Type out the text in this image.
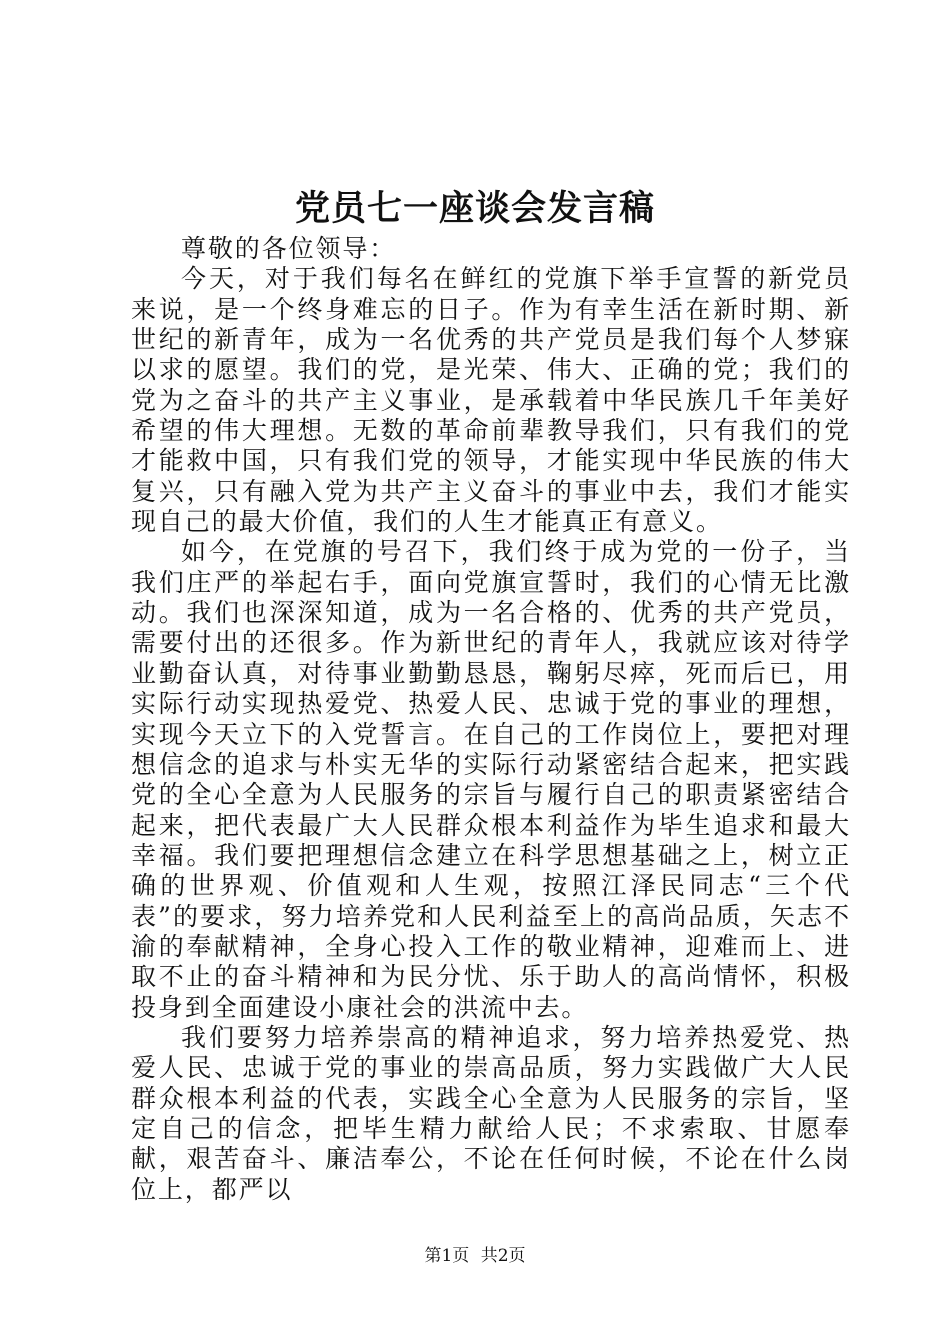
党员七一座谈会发言稿

尊敬的各位领导：

今天，对于我们每名在鲜红的党旗下举手宣誓的新党员来说，是一个终身难忘的日子。作为有幸生活在新时期、新世纪的新青年，成为一名优秀的共产党员是我们每个人梦寐以求的愿望。我们的党，是光荣、伟大、正确的党；我们的党为之奋斗的共产主义事业，是承载着中华民族几千年美好希望的伟大理想。无数的革命前辈教导我们，只有我们的党才能救中国，只有我们党的领导，才能实现中华民族的伟大复兴，只有融入党为共产主义奋斗的事业中去，我们才能实现自己的最大价值，我们的人生才能真正有意义。

如今，在党旗的号召下，我们终于成为党的一份子，当我们庄严的举起右手，面向党旗宣誓时，我们的心情无比激动。我们也深深知道，成为一名合格的、优秀的共产党员，需要付出的还很多。作为新世纪的青年人，我就应该对待学业勤奋认真，对待事业勤勤恳恳，鞠躬尽瘁，死而后已，用实际行动实现热爱党、热爱人民、忠诚于党的事业的理想，实现今天立下的入党誓言。在自己的工作岗位上，要把对理想信念的追求与朴实无华的实际行动紧密结合起来，把实践党的全心全意为人民服务的宗旨与履行自己的职责紧密结合起来，把代表最广大人民群众根本利益作为毕生追求和最大幸福。我们要把理想信念建立在科学思想基础之上，树立正确的世界观、价值观和人生观，按照江泽民同志“三个代表”的要求，努力培养党和人民利益至上的高尚品质，矢志不渝的奉献精神，全身心投入工作的敬业精神，迎难而上、进取不止的奋斗精神和为民分忧、乐于助人的高尚情怀，积极投身到全面建设小康社会的洪流中去。

我们要努力培养崇高的精神追求，努力培养热爱党、热爱人民、忠诚于党的事业的崇高品质，努力实践做广大人民群众根本利益的代表，实践全心全意为人民服务的宗旨，坚定自己的信念，把毕生精力献给人民；不求索取、甘愿奉献，艰苦奋斗、廉洁奉公，不论在任何时候，不论在什么岗位上，都严以

第1页 共2页
